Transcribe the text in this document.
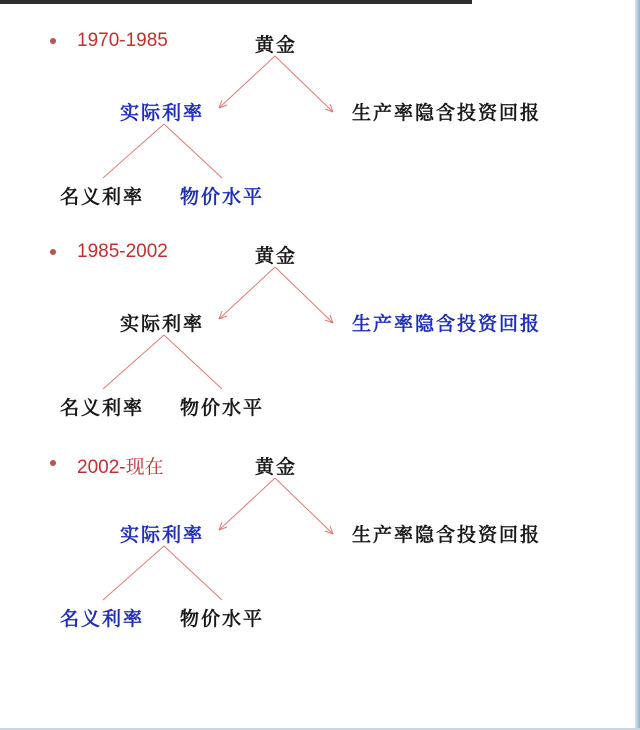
1970-1985	黄金
实际利率	生产率隐含投资回报
名义利率 物价水平
1985-2002	黄金
实际利率	生产率隐含投资回报
名义利率 物价水平
2002-现在	黄金
实际利率	生产率隐含投资回报
名义利率 物价水平
